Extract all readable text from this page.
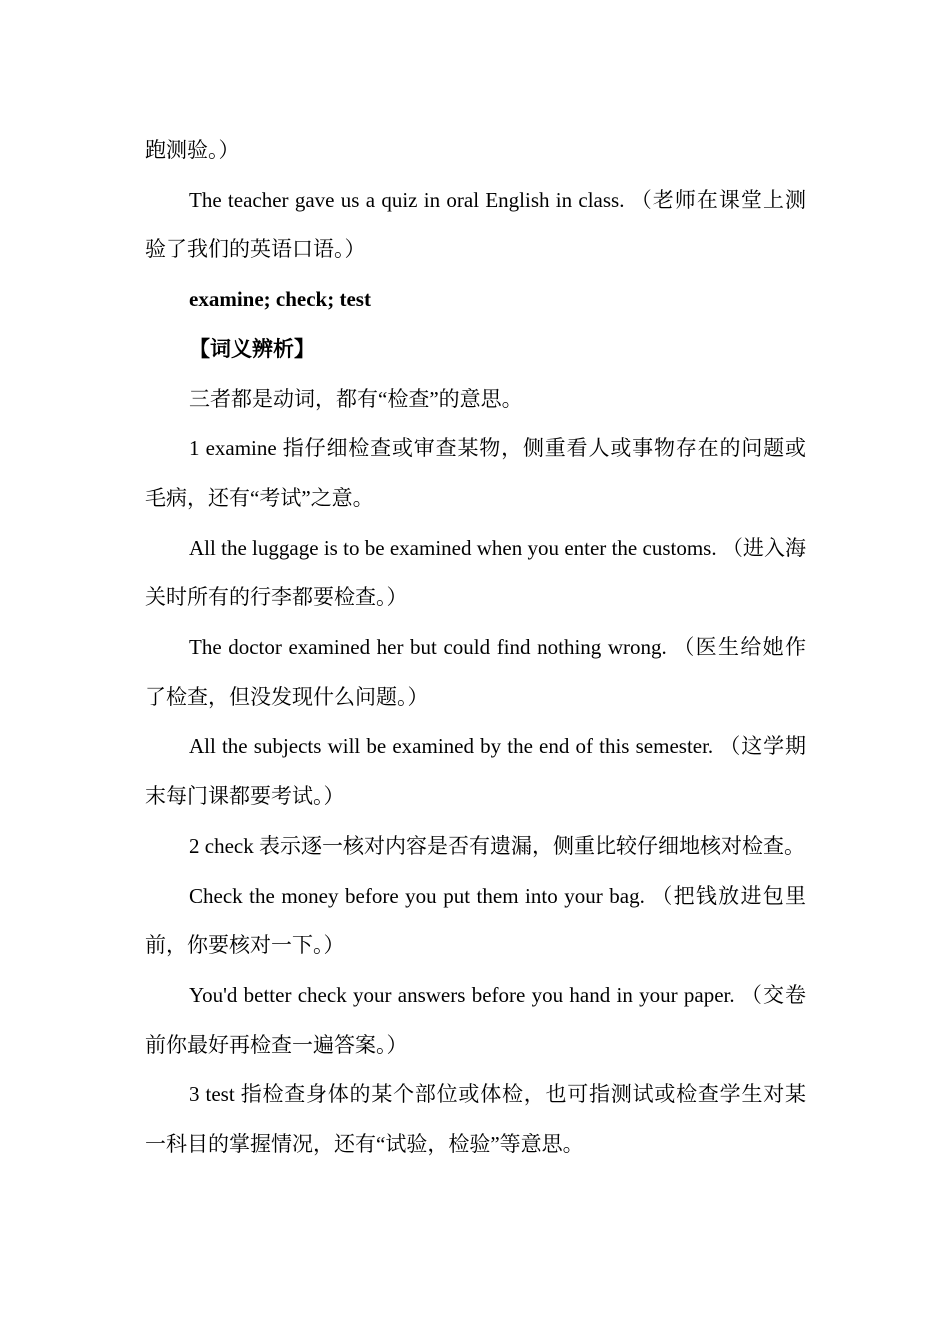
跑测验。）

The teacher gave us a quiz in oral English in class. （老师在课堂上测验了我们的英语口语。）

examine; check; test

【词义辨析】

三者都是动词，都有“检查”的意思。

1 examine 指仔细检查或审查某物，侧重看人或事物存在的问题或毛病，还有“考试”之意。

All the luggage is to be examined when you enter the customs. （进入海关时所有的行李都要检查。）

The doctor examined her but could find nothing wrong. （医生给她作了检查，但没发现什么问题。）

All the subjects will be examined by the end of this semester. （这学期末每门课都要考试。）

2 check 表示逐一核对内容是否有遗漏，侧重比较仔细地核对检查。

Check the money before you put them into your bag. （把钱放进包里前，你要核对一下。）

You'd better check your answers before you hand in your paper. （交卷前你最好再检查一遍答案。）

3 test 指检查身体的某个部位或体检，也可指测试或检查学生对某一科目的掌握情况，还有“试验，检验”等意思。
